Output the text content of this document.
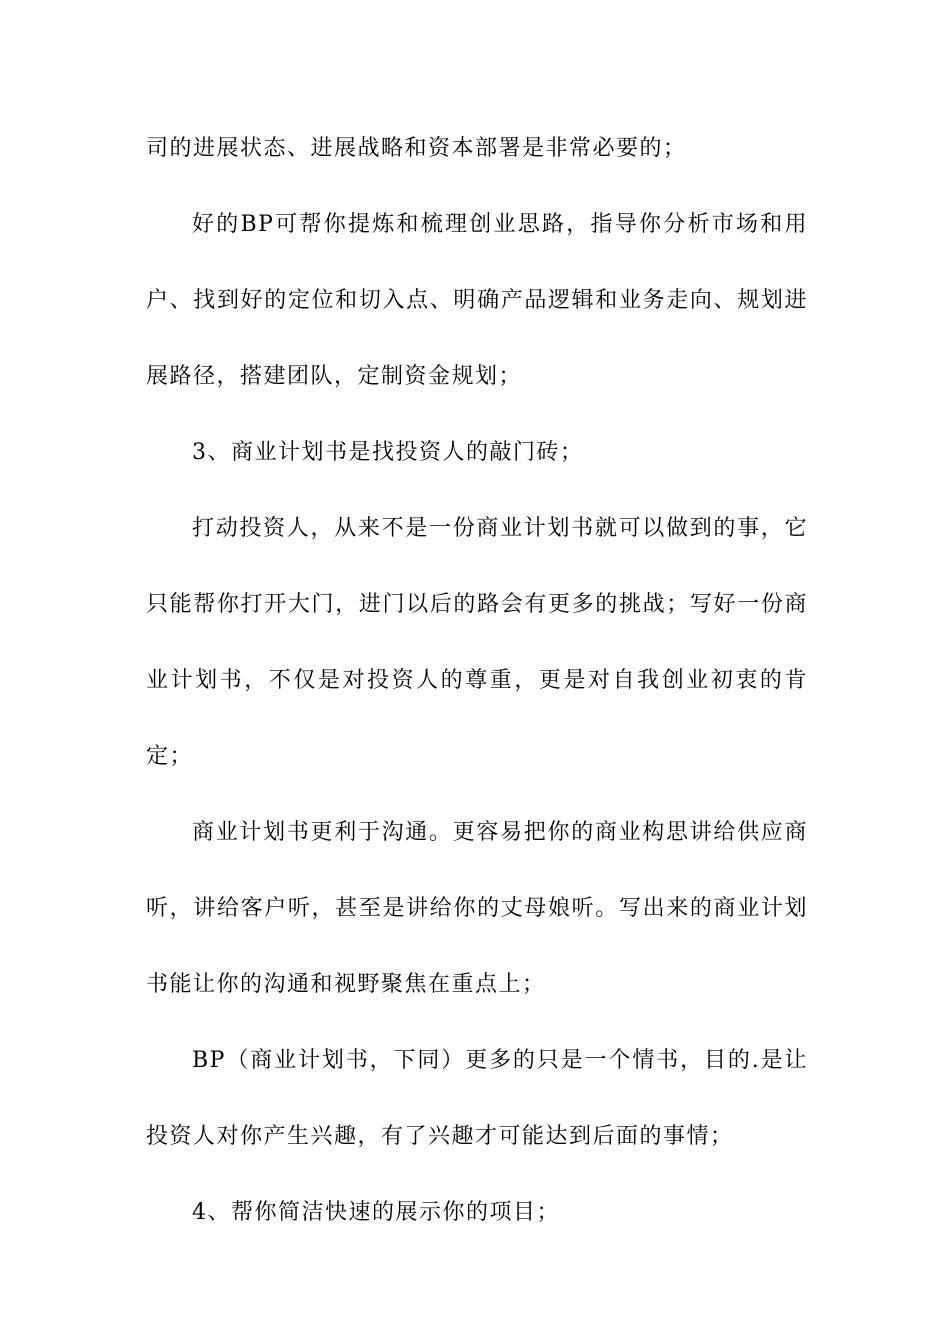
司的进展状态、进展战略和资本部署是非常必要的；

好的BP可帮你提炼和梳理创业思路，指导你分析市场和用户、找到好的定位和切入点、明确产品逻辑和业务走向、规划进展路径，搭建团队，定制资金规划；

3、商业计划书是找投资人的敲门砖；

打动投资人，从来不是一份商业计划书就可以做到的事，它只能帮你打开大门，进门以后的路会有更多的挑战；写好一份商业计划书，不仅是对投资人的尊重，更是对自我创业初衷的肯定；

商业计划书更利于沟通。更容易把你的商业构思讲给供应商听，讲给客户听，甚至是讲给你的丈母娘听。写出来的商业计划书能让你的沟通和视野聚焦在重点上；

BP（商业计划书，下同）更多的只是一个情书，目的.是让投资人对你产生兴趣，有了兴趣才可能达到后面的事情；

4、帮你简洁快速的展示你的项目；
